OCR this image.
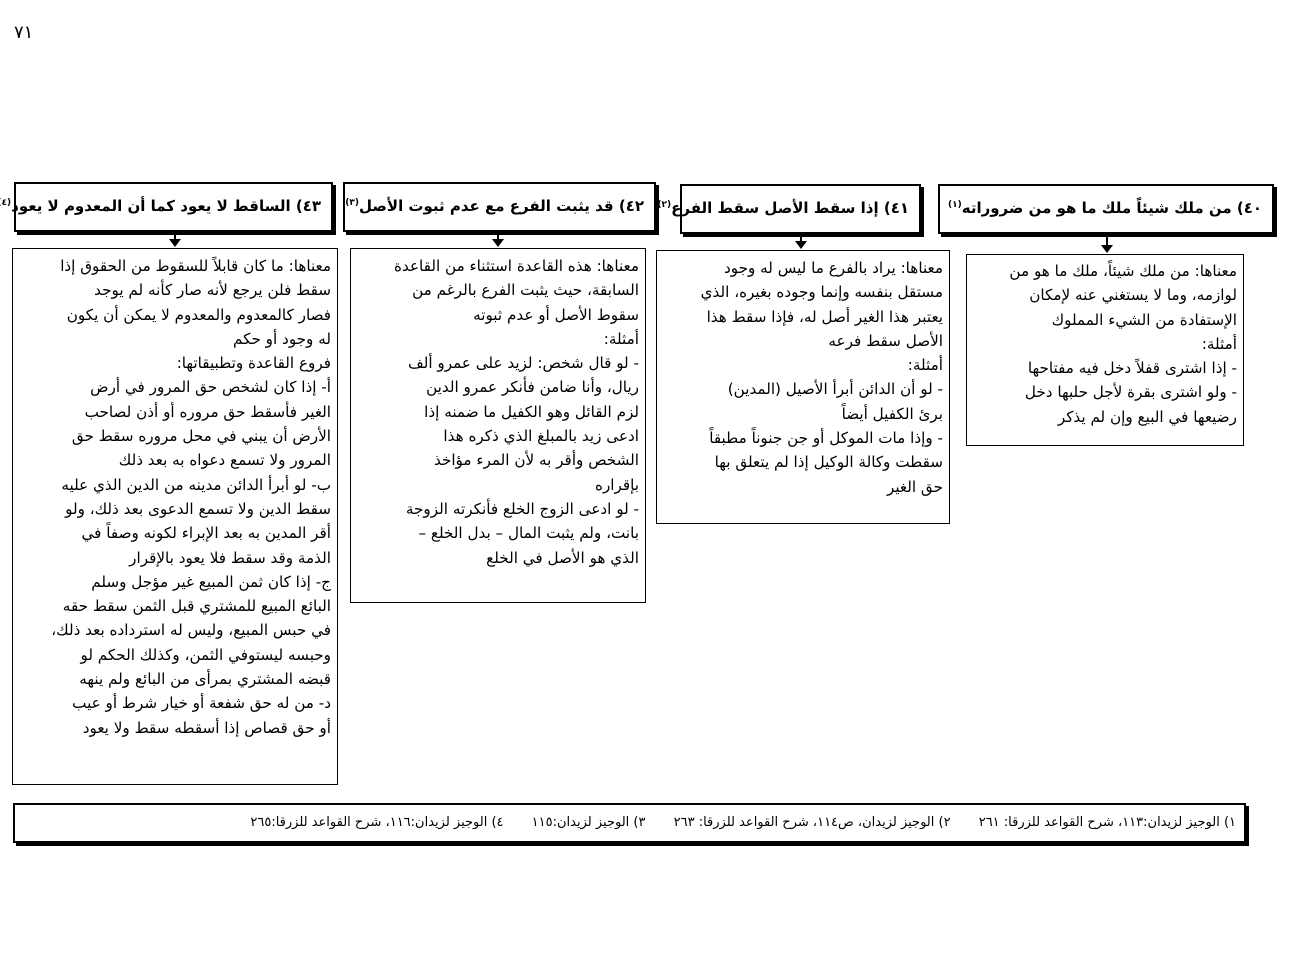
٧١
٤٠) من ملك شيئاً ملك ما هو من ضروراته$^{(١)}$
معناها: من ملك شيئاً، ملك ما هو من
لوازمه، وما لا يستغني عنه لإمكان
الإستفادة من الشيء المملوك
أمثلة:
- إذا اشترى قفلاً دخل فيه مفتاحها
- ولو اشترى بقرة لأجل حلبها دخل
رضيعها في البيع وإن لم يذكر
٤١) إذا سقط الأصل سقط الفرع$^{(٢)}$
معناها: يراد بالفرع ما ليس له وجود
مستقل بنفسه وإنما وجوده بغيره، الذي
يعتبر هذا الغير أصل له، فإذا سقط هذا
الأصل سقط فرعه
أمثلة:
- لو أن الدائن أبرأ الأصيل (المدين)
برئ الكفيل أيضاً
- وإذا مات الموكل أو جن جنوناً مطبقاً
سقطت وكالة الوكيل إذا لم يتعلق بها
حق الغير
٤٢) قد يثبت الفرع مع عدم ثبوت الأصل$^{(٣)}$
معناها: هذه القاعدة استثناء من القاعدة
السابقة، حيث يثبت الفرع بالرغم من
سقوط الأصل أو عدم ثبوته
أمثلة:
- لو قال شخص: لزيد على عمرو ألف
ريال، وأنا ضامن فأنكر عمرو الدين
لزم القائل وهو الكفيل ما ضمنه إذا
ادعى زيد بالمبلغ الذي ذكره هذا
الشخص وأقر به لأن المرء مؤاخذ
بإقراره
- لو ادعى الزوج الخلع فأنكرته الزوجة
بانت، ولم يثبت المال – بدل الخلع –
الذي هو الأصل في الخلع
٤٣) الساقط لا يعود كما أن المعدوم لا يعود$^{(٤}$
معناها: ما كان قابلاً للسقوط من الحقوق إذا
سقط فلن يرجع لأنه صار كأنه لم يوجد
فصار كالمعدوم والمعدوم لا يمكن أن يكون
له وجود أو حكم
فروع القاعدة وتطبيقاتها:
أ- إذا كان لشخص حق المرور في أرض
الغير فأسقط حق مروره أو أذن لصاحب
الأرض أن يبني في محل مروره سقط حق
المرور ولا تسمع دعواه به بعد ذلك
ب- لو أبرأ الدائن مدينه من الدين الذي عليه
سقط الدين ولا تسمع الدعوى بعد ذلك، ولو
أقر المدين به بعد الإبراء لكونه وصفاً في
الذمة وقد سقط فلا يعود بالإقرار
ج- إذا كان ثمن المبيع غير مؤجل وسلم
البائع المبيع للمشتري قبل الثمن سقط حقه
في حبس المبيع، وليس له استرداده بعد ذلك،
وحبسه ليستوفي الثمن، وكذلك الحكم لو
قبضه المشتري بمرأى من البائع ولم ينهه
د- من له حق شفعة أو خيار شرط أو عيب
أو حق قصاص إذا أسقطه سقط ولا يعود
١) الوجيز لزيدان:١١٣، شرح القواعد للزرقا: ٢٦١ ٢) الوجيز لزيدان، ص١١٤، شرح القواعد للزرقا: ٢٦٣ ٣) الوجيز لزيدان:١١٥ ٤) الوجيز لزيدان:١١٦، شرح القواعد للزرقا:٢٦٥
